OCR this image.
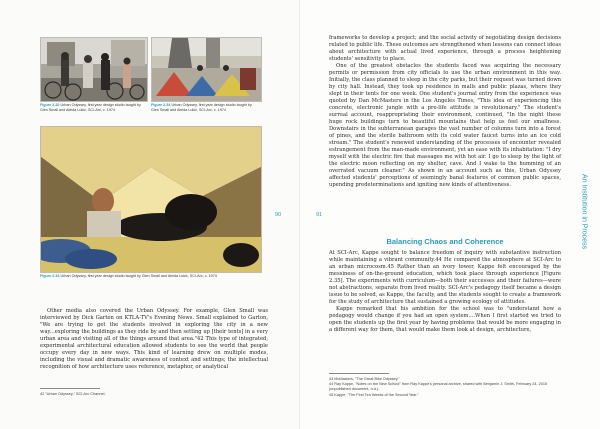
Figure 2.32 Urban Odyssey, first year design studio taught by Glen Small and Aleida Lukić, SCI-Arc, c. 1974
Figure 2.34 Urban Odyssey, first year design studio taught by Glen Small and Aleida Lukić, SCI-Arc, c. 1974
Figure 2.34 Urban Odyssey, first year design studio taught by Glen Small and Aleida Lukić, SCI-Arc, c. 1974

Other media also covered the Urban Odyssey. For example, Glen Small was interviewed by Dick Garton on KTLA-TV's Evening News. Small explained to Garton, "We are trying to get the students involved in exploring the city in a new way...exploring the buildings as they ride by and then setting up [their tents] in a very urban area and visiting all of the things around that area."42 This type of integrated, experimental architectural education allowed students to see the world that people occupy every day in new ways. This kind of learning drew on multiple modes, including the visual and dramatic awareness of context and settings; the intellectual recognition of how architecture uses reference, metaphor, or analytical

42 "Urban Odyssey," SCI-Arc Channel.
90	91

frameworks to develop a project; and the social activity of negotiating design decisions related to public life. These outcomes are strengthened when lessons can connect ideas about architecture with actual lived experience, through a process heightening students' sensitivity to place.

One of the greatest obstacles the students faced was acquiring the necessary permits or permission from city officials to use the urban environment in this way. Initially, the class planned to sleep in the city parks, but their request was turned down by city hall. Instead, they took up residence in malls and public plazas, where they slept in their tents for one week. One student's journal entry from the experience was quoted by Dan McMasters in the Los Angeles Times, "This idea of experiencing this concrete, electronic jungle with a pre-life attitude is revolutionary." The student's surreal account, reappropriating their environment, continued, "In the night these huge rock buildings turn to beautiful mountains that help us feel our smallness. Downstairs in the subterranean garages the vast number of columns turn into a forest of pines, and the sterile bathroom with its cold water faucet turns into an ice cold stream." The student's renewed understanding of the processes of encounter revealed estrangement from the man-made environment, yet an ease with its inhabitation: "I dry myself with the electric fire that massages me with hot air. I go to sleep by the light of the electric moon reflecting on my shelter, cave. And I wake to the humming of an overrated vacuum cleaner." As shown in an account such as this, Urban Odyssey affected students' perceptions of seemingly banal features of common public spaces, upending predeterminations and igniting new kinds of attentiveness.

Balancing Chaos and Coherence

At SCI-Arc, Kappe sought to balance freedom of inquiry with substantive instruction while maintaining a vibrant community.44 He compared the atmosphere at SCI-Arc to an urban microcosm.45 Rather than an ivory tower, Kappe felt encouraged by the messiness of on-the-ground education, which took place through experience [Figure 2.35]. The experiments with curriculum—both their successes and their failures—were not abstractions, separate from lived reality. SCI-Arc's pedagogy itself became a design issue to be solved, as Kappe, the faculty, and the students sought to create a framework for the study of architecture that sustained a growing ecology of attitudes.

Kappe remarked that his ambition for the school was to "understand how a pedagogy would change if you had an open system....When I first started we tried to open the students up the first year by having problems that would be more engaging in a different way for them, that would make them look at design, architecture,

43 McMasters, "The Great Bike Odyssey."
44 Ray Kappe, "Notes on the New School" from Ray Kappe's personal archive, shared with Benjamin J. Smith, February 24, 2015 (unpublished document, n.d.).
45 Kappe, "The First Ten Weeks of the Second Year."
An Institution in Process
